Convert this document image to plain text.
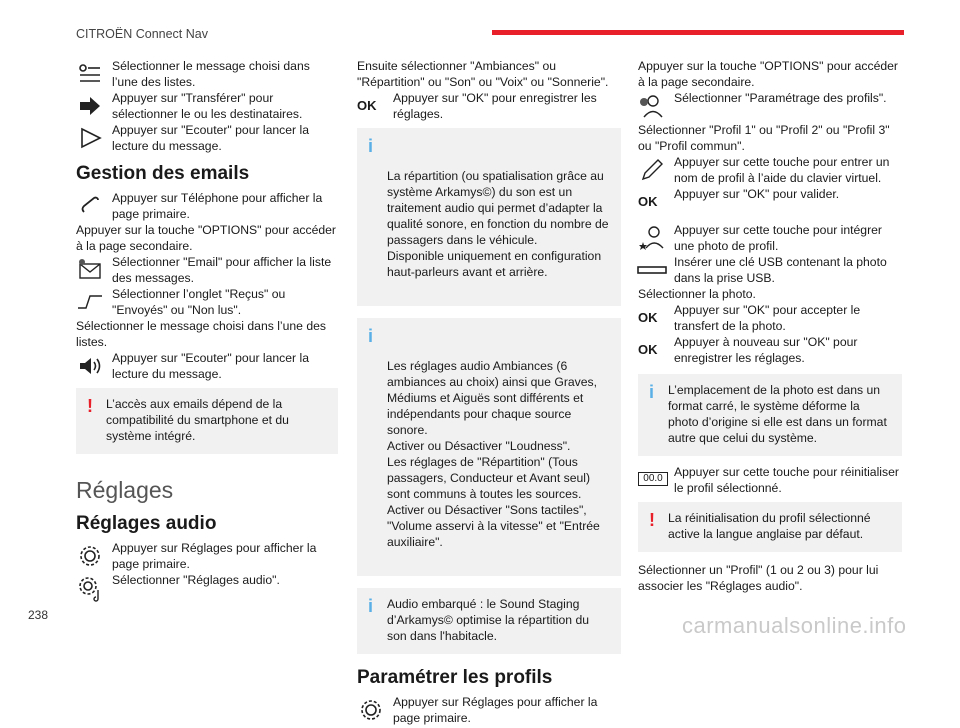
CITROËN Connect Nav
238	carmanualsonline.info
Sélectionner le message choisi dans l’une des listes.
Appuyer sur "Transférer" pour sélectionner le ou les destinataires.
Appuyer sur "Ecouter" pour lancer la lecture du message.
Gestion des emails
Appuyer sur Téléphone pour afficher la page primaire.
Appuyer sur la touche "OPTIONS" pour accéder à la page secondaire.
Sélectionner "Email" pour afficher la liste des messages.
Sélectionner l’onglet "Reçus" ou "Envoyés" ou "Non lus".
Sélectionner le message choisi dans l’une des listes.
Appuyer sur "Ecouter" pour lancer la lecture du message.
!	L’accès aux emails dépend de la compatibilité du smartphone et du système intégré.
Réglages
Réglages audio
Appuyer sur Réglages pour afficher la page primaire.
Sélectionner "Réglages audio".
Ensuite sélectionner "Ambiances" ou "Répartition" ou "Son" ou "Voix" ou "Sonnerie".
OK	Appuyer sur "OK" pour enregistrer les réglages.

i

La répartition (ou spatialisation grâce au système Arkamys©) du son est un traitement audio qui permet d’adapter la qualité sonore, en fonction du nombre de passagers dans le véhicule.
Disponible uniquement en configuration haut-parleurs avant et arrière.

i

Les réglages audio Ambiances (6 ambiances au choix) ainsi que Graves, Médiums et Aiguës sont différents et indépendants pour chaque source sonore.
Activer ou Désactiver "Loudness".
Les réglages de "Répartition" (Tous passagers, Conducteur et Avant seul) sont communs à toutes les sources.
Activer ou Désactiver "Sons tactiles", "Volume asservi à la vitesse" et "Entrée auxiliaire".

i	Audio embarqué : le Sound Staging d’Arkamys© optimise la répartition du son dans l'habitacle.
Paramétrer les profils
Appuyer sur Réglages pour afficher la page primaire.
Appuyer sur la touche "OPTIONS" pour accéder à la page secondaire.
Sélectionner "Paramétrage des profils".
Sélectionner "Profil 1" ou "Profil 2" ou "Profil 3" ou "Profil commun".
Appuyer sur cette touche pour entrer un nom de profil à l’aide du clavier virtuel.
OK	Appuyer sur "OK" pour valider.
Appuyer sur cette touche pour intégrer une photo de profil.
Insérer une clé USB contenant la photo dans la prise USB.
Sélectionner la photo.
OK	Appuyer sur "OK" pour accepter le transfert de la photo.
OK	Appuyer à nouveau sur "OK" pour enregistrer les réglages.
i	L’emplacement de la photo est dans un format carré, le système déforme la photo d’origine si elle est dans un format autre que celui du système.
00.0 Appuyer sur cette touche pour réinitialiser le profil sélectionné.
!	La réinitialisation du profil sélectionné active la langue anglaise par défaut.
Sélectionner un "Profil" (1 ou 2 ou 3) pour lui associer les "Réglages audio".
